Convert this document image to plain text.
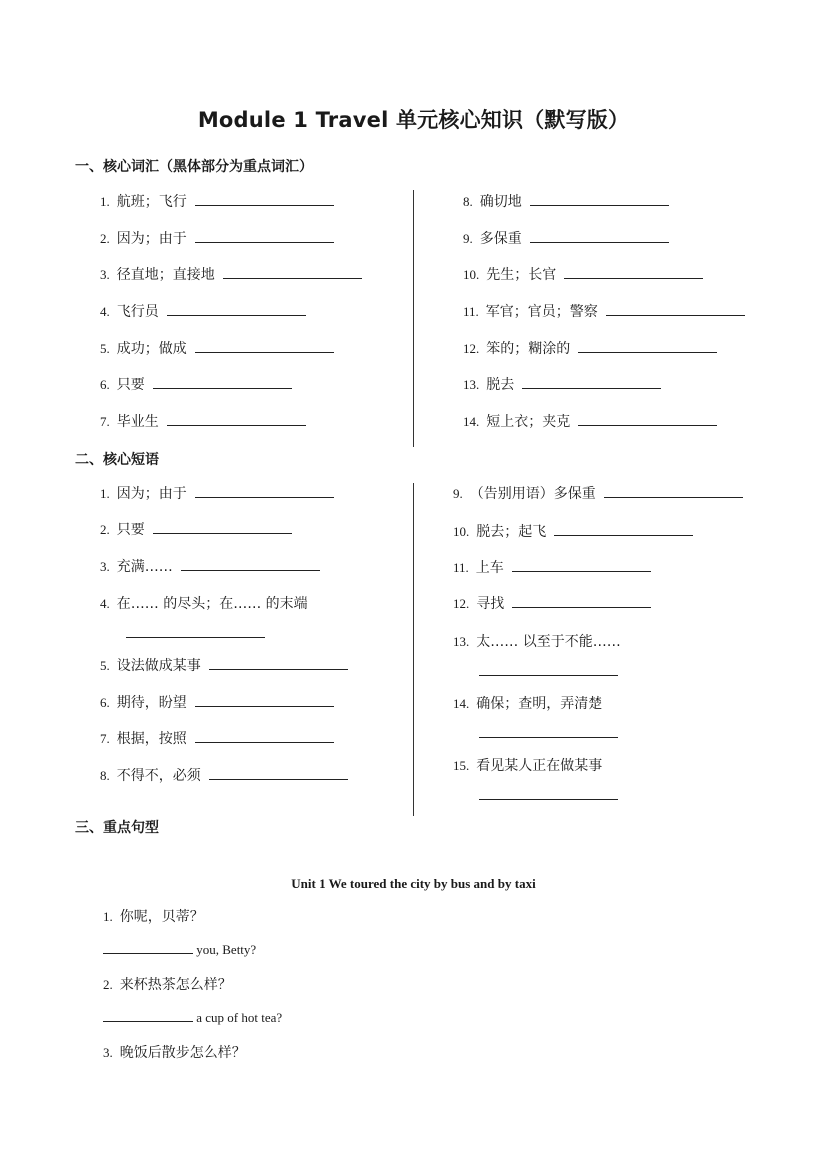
Module 1 Travel 单元核心知识（默写版）
一、核心词汇（黑体部分为重点词汇）
1. 航班；飞行
2. 因为；由于
3. 径直地；直接地
4. 飞行员
5. 成功；做成
6. 只要
7. 毕业生
8. 确切地
9. 多保重
10. 先生；长官
11. 军官；官员；警察
12. 笨的；糊涂的
13. 脱去
14. 短上衣；夹克
二、核心短语
1. 因为；由于
2. 只要
3. 充满……
4. 在…… 的尽头；在…… 的末端
5. 设法做成某事
6. 期待，盼望
7. 根据，按照
8. 不得不，必须
9. （告别用语）多保重
10. 脱去；起飞
11. 上车
12. 寻找
13. 太…… 以至于不能……
14. 确保；查明，弄清楚
15. 看见某人正在做某事
三、重点句型
Unit 1 We toured the city by bus and by taxi
1. 你呢，贝蒂？
you, Betty?
2. 来杯热茶怎么样？
a cup of hot tea?
3. 晚饭后散步怎么样？
